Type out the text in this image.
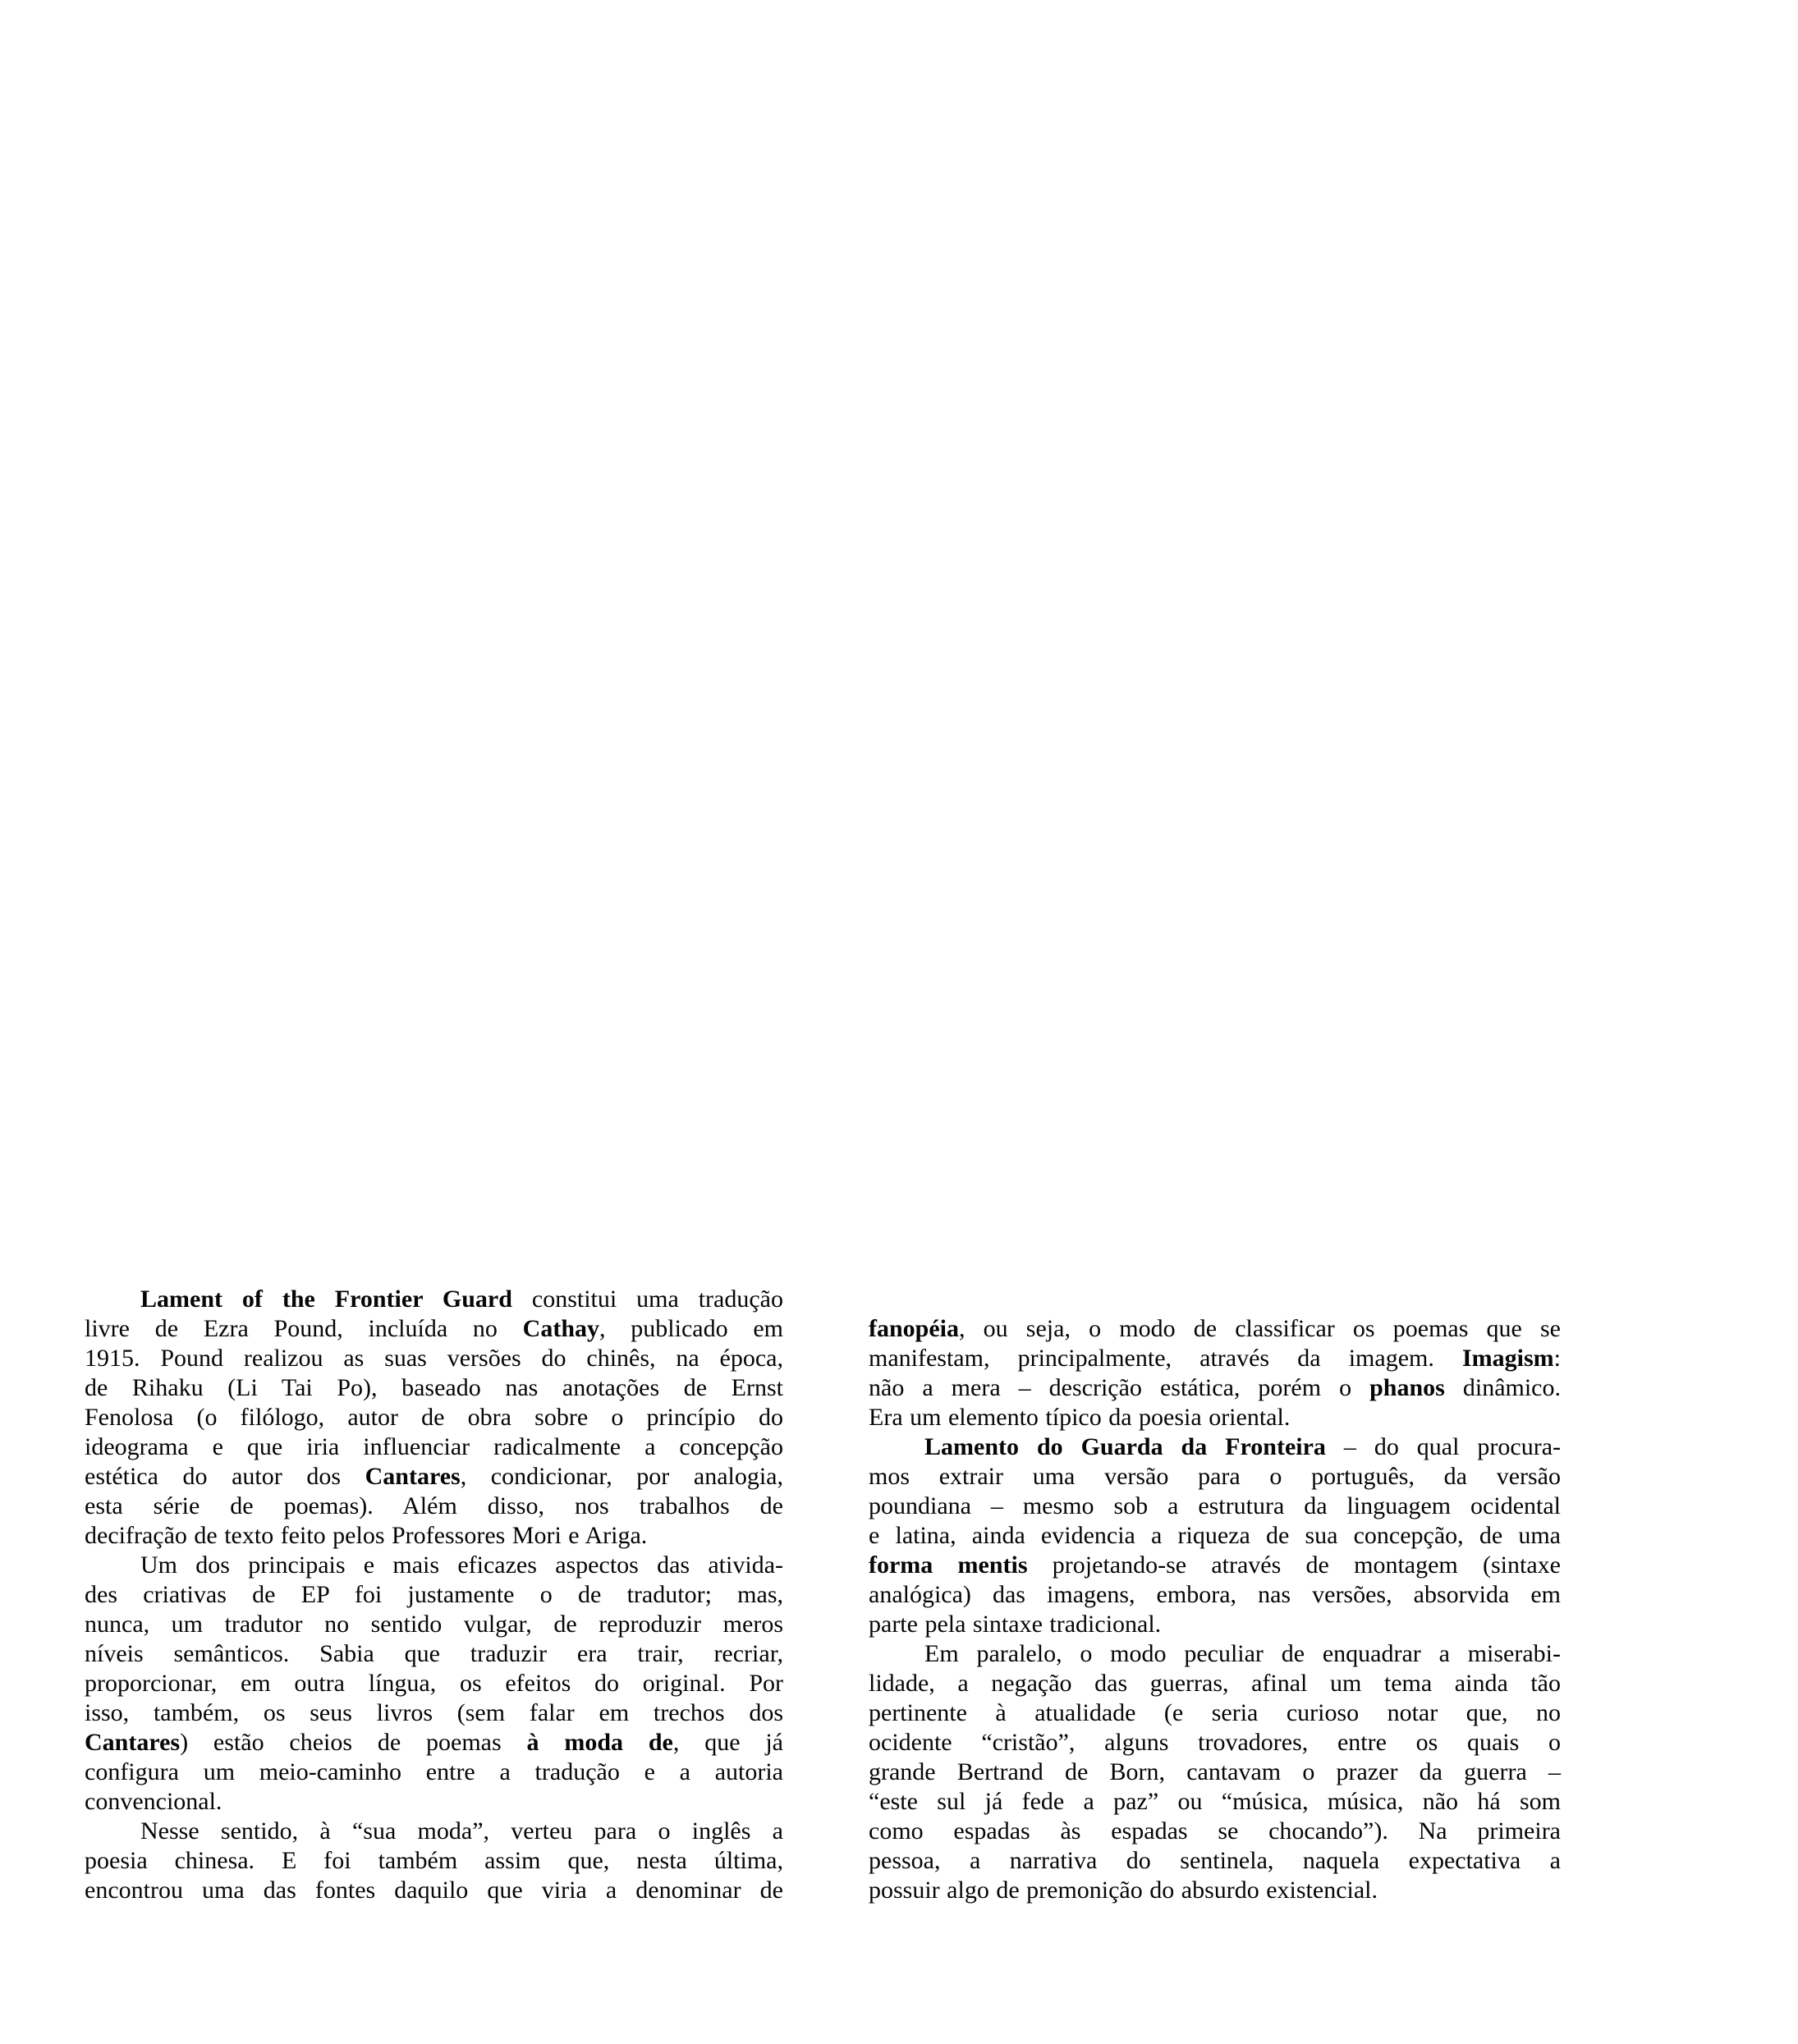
Lament of the Frontier Guard constitui uma tradução
livre de Ezra Pound, incluída no Cathay, publicado em
1915. Pound realizou as suas versões do chinês, na época,
de Rihaku (Li Tai Po), baseado nas anotações de Ernst
Fenolosa (o filólogo, autor de obra sobre o princípio do
ideograma e que iria influenciar radicalmente a concepção
estética do autor dos Cantares, condicionar, por analogia,
esta série de poemas). Além disso, nos trabalhos de
decifração de texto feito pelos Professores Mori e Ariga.
Um dos principais e mais eficazes aspectos das ativida-
des criativas de EP foi justamente o de tradutor; mas,
nunca, um tradutor no sentido vulgar, de reproduzir meros
níveis semânticos. Sabia que traduzir era trair, recriar,
proporcionar, em outra língua, os efeitos do original. Por
isso, também, os seus livros (sem falar em trechos dos
Cantares) estão cheios de poemas à moda de, que já
configura um meio-caminho entre a tradução e a autoria
convencional.
Nesse sentido, à “sua moda”, verteu para o inglês a
poesia chinesa. E foi também assim que, nesta última,
encontrou uma das fontes daquilo que viria a denominar de
fanopéia, ou seja, o modo de classificar os poemas que se
manifestam, principalmente, através da imagem. Imagism:
não a mera – descrição estática, porém o phanos dinâmico.
Era um elemento típico da poesia oriental.
Lamento do Guarda da Fronteira – do qual procura-
mos extrair uma versão para o português, da versão
poundiana – mesmo sob a estrutura da linguagem ocidental
e latina, ainda evidencia a riqueza de sua concepção, de uma
forma mentis projetando-se através de montagem (sintaxe
analógica) das imagens, embora, nas versões, absorvida em
parte pela sintaxe tradicional.
Em paralelo, o modo peculiar de enquadrar a miserabi-
lidade, a negação das guerras, afinal um tema ainda tão
pertinente à atualidade (e seria curioso notar que, no
ocidente “cristão”, alguns trovadores, entre os quais o
grande Bertrand de Born, cantavam o prazer da guerra –
“este sul já fede a paz” ou “música, música, não há som
como espadas às espadas se chocando”). Na primeira
pessoa, a narrativa do sentinela, naquela expectativa a
possuir algo de premonição do absurdo existencial.
